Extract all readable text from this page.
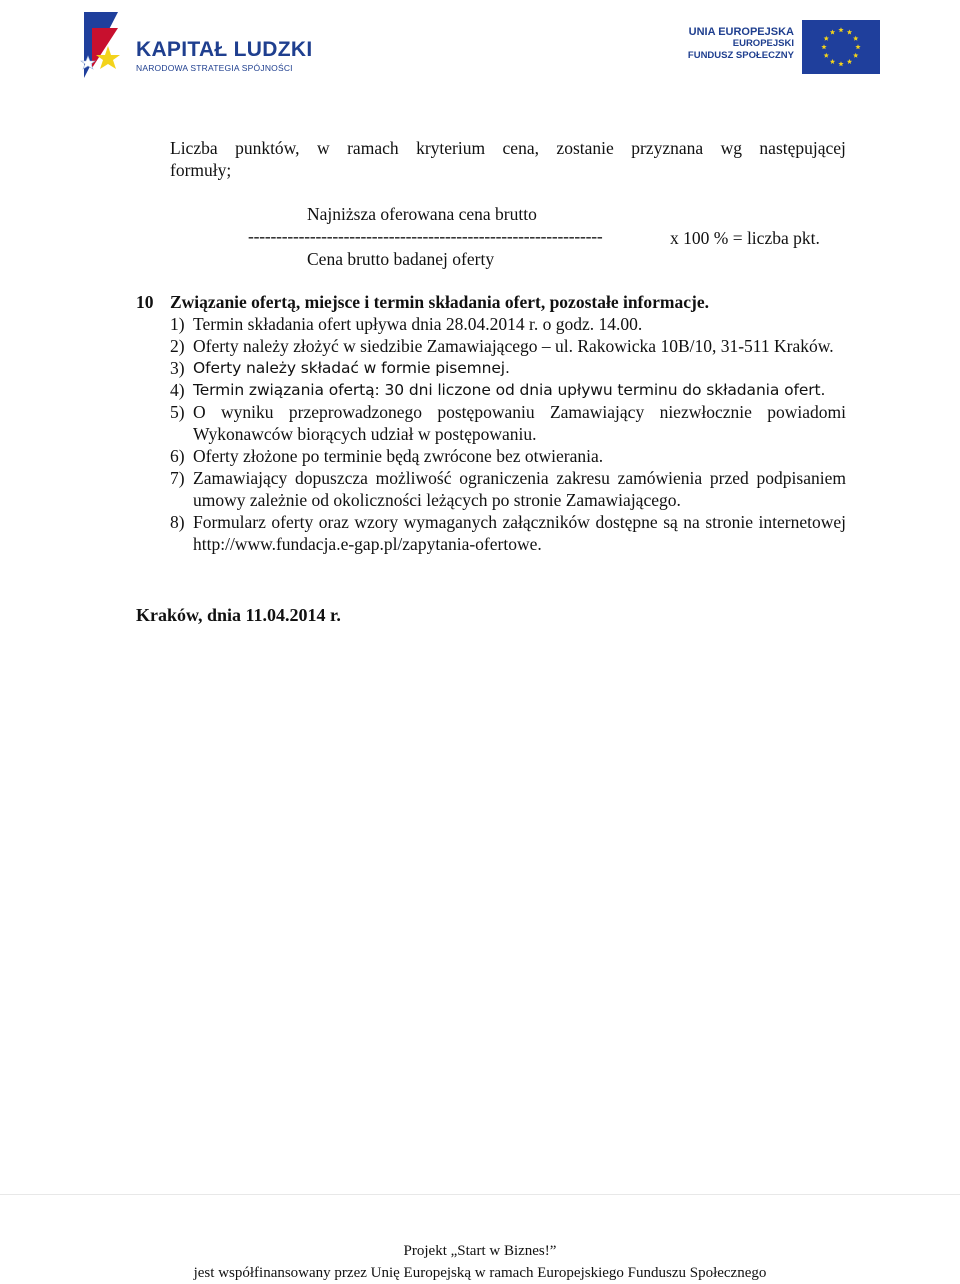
KAPITAŁ LUDZKI
NARODOWA STRATEGIA SPÓJNOŚCI
UNIA EUROPEJSKA
EUROPEJSKI
FUNDUSZ SPOŁECZNY
Liczba punktów, w ramach kryterium cena, zostanie przyznana wg następującej
formuły;
Najniższa oferowana cena brutto
---------------------------------------------------------------	x 100 % = liczba pkt.
Cena brutto badanej oferty
10 Związanie ofertą, miejsce i termin składania ofert, pozostałe informacje.
1) Termin składania ofert upływa dnia 28.04.2014 r. o godz. 14.00.
2) Oferty należy złożyć w siedzibie Zamawiającego – ul. Rakowicka 10B/10, 31-511 Kraków.
3) Oferty należy składać w formie pisemnej.
4) Termin związania ofertą: 30 dni liczone od dnia upływu terminu do składania ofert.
5) O wyniku przeprowadzonego postępowaniu Zamawiający niezwłocznie powiadomi Wykonawców biorących udział w postępowaniu.
6) Oferty złożone po terminie będą zwrócone bez otwierania.
7) Zamawiający dopuszcza możliwość ograniczenia zakresu zamówienia przed podpisaniem umowy zależnie od okoliczności leżących po stronie Zamawiającego.
8) Formularz oferty oraz wzory wymaganych załączników dostępne są na stronie internetowej http://www.fundacja.e-gap.pl/zapytania-ofertowe.
Kraków, dnia 11.04.2014 r.
Projekt „Start w Biznes!”
jest współfinansowany przez Unię Europejską w ramach Europejskiego Funduszu Społecznego
